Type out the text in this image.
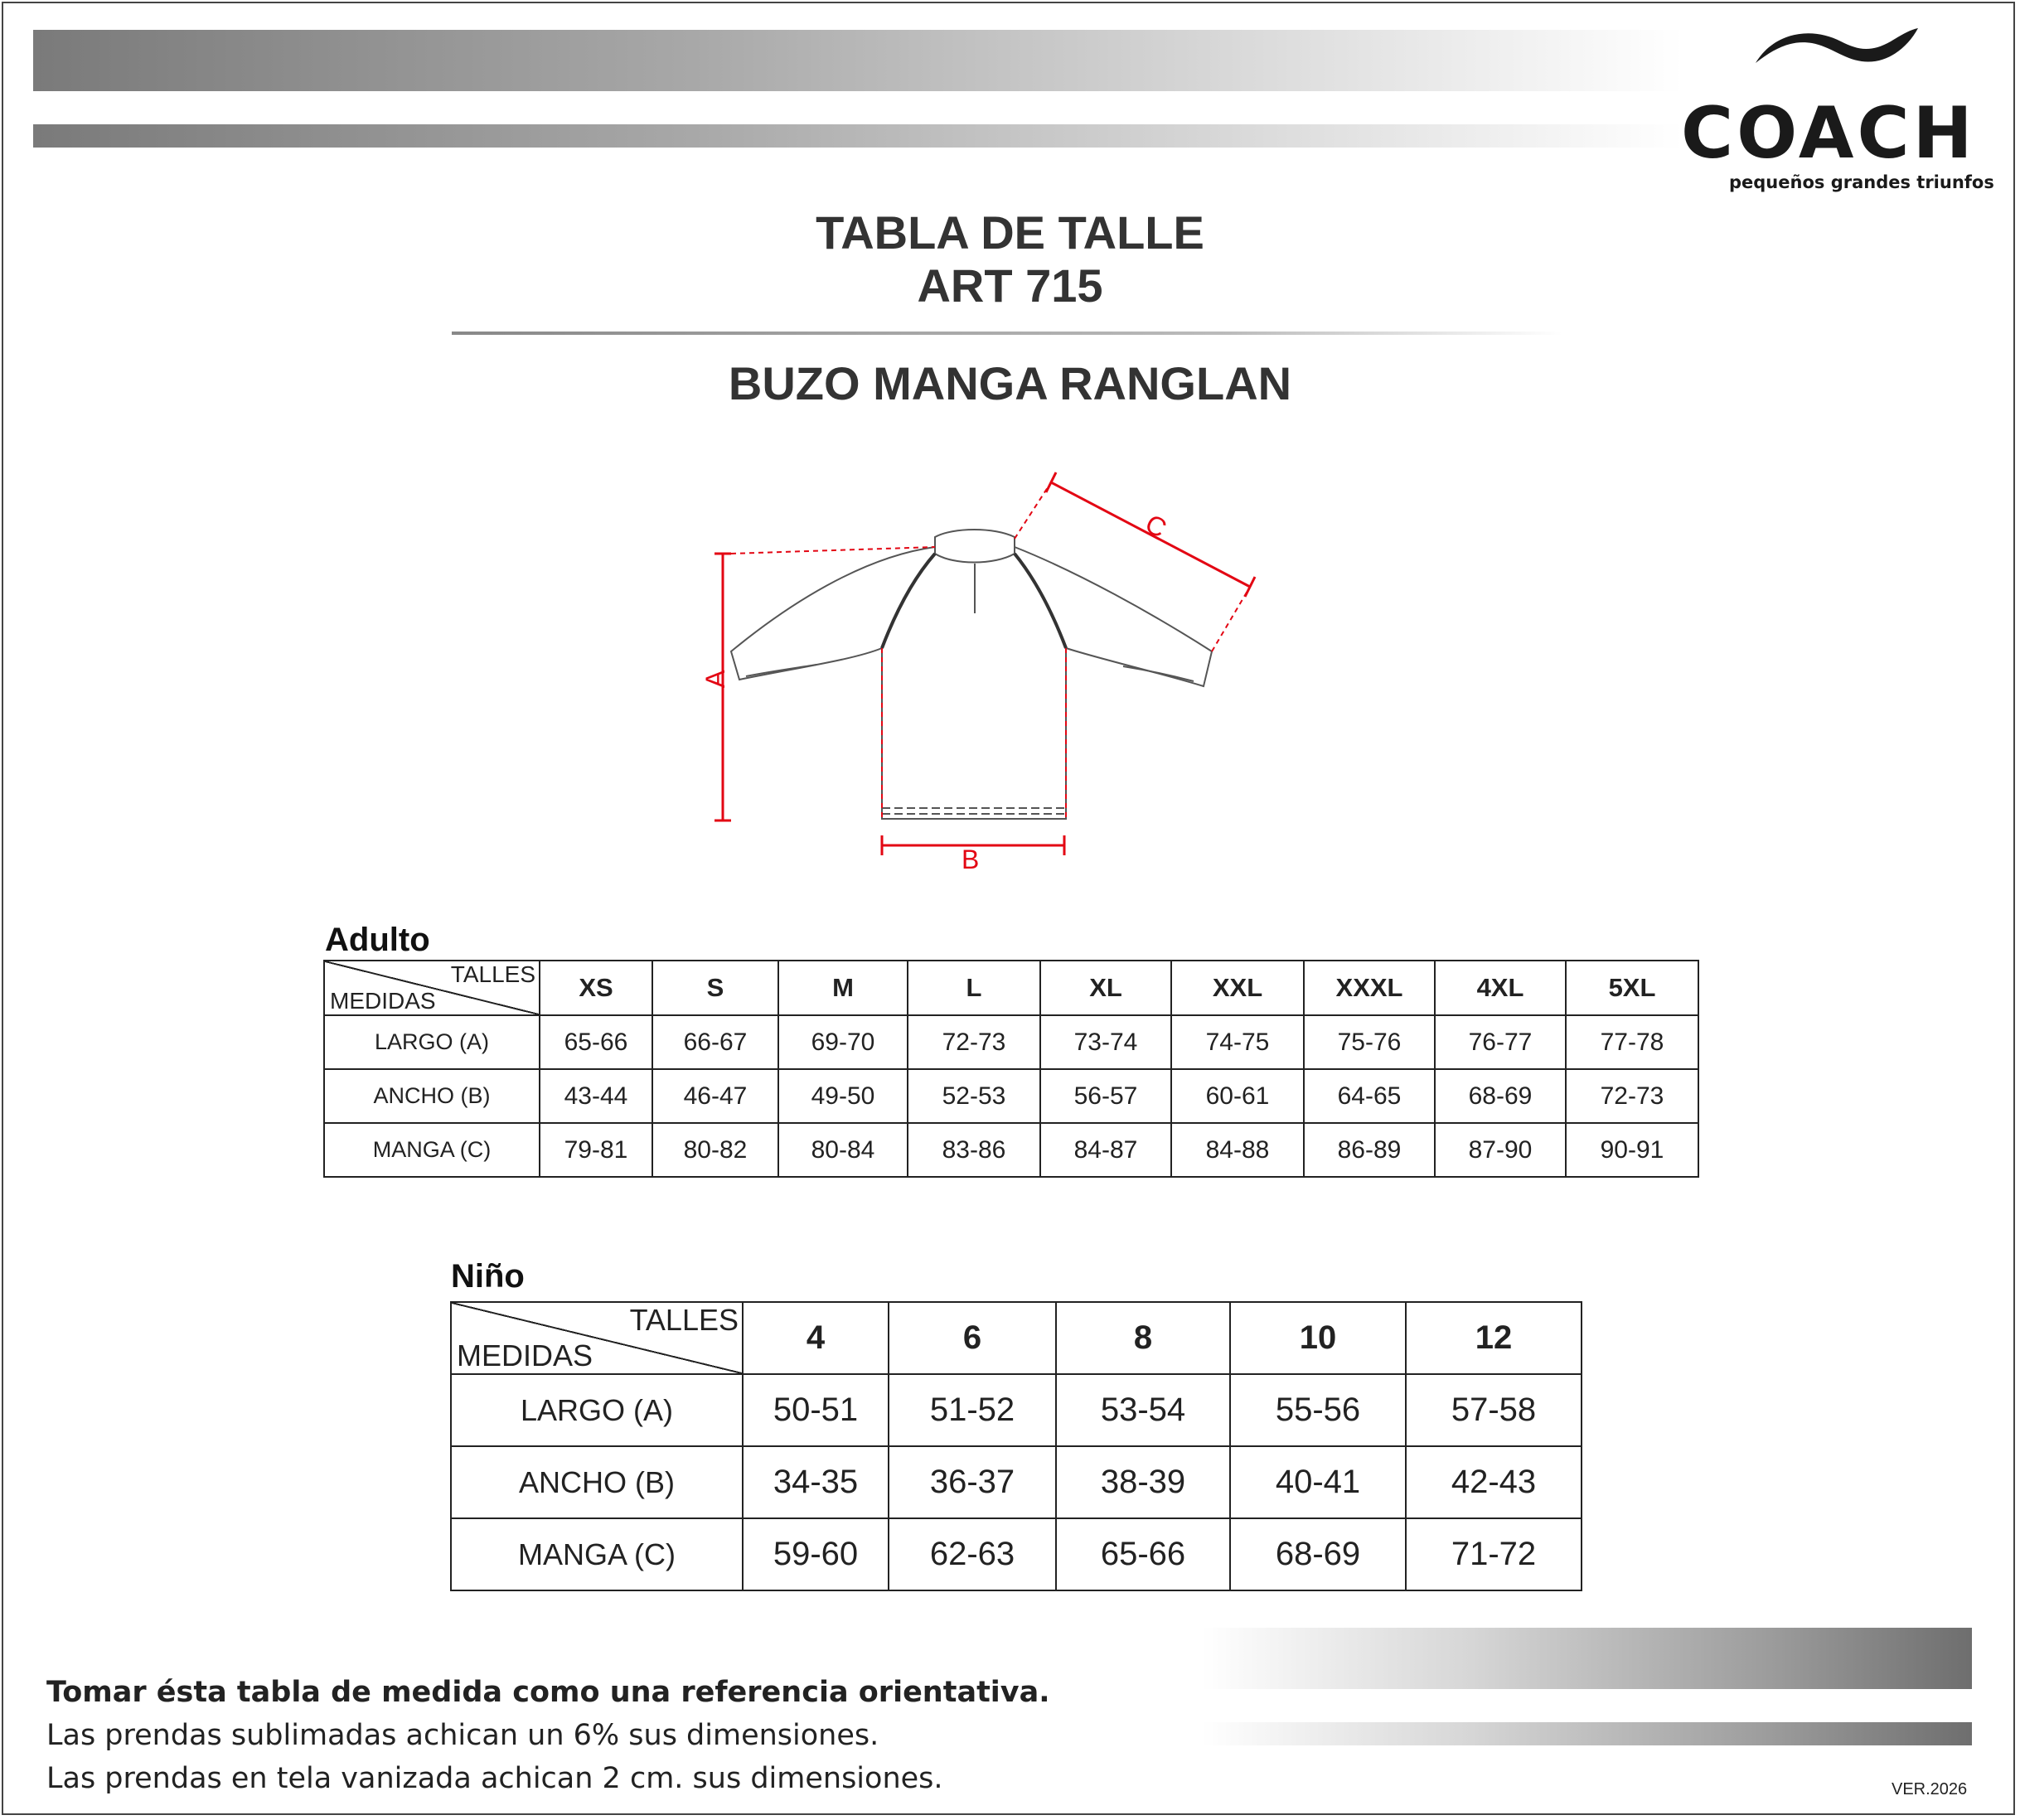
COACH
pequeños grandes triunfos
TABLA DE TALLE
ART 715
BUZO MANGA RANGLAN
A
B
C
Adulto
TALLES
MEDIDAS	XS	S	M	L	XL	XXL	XXXL	4XL	5XL
LARGO (A)	65-66	66-67	69-70	72-73	73-74	74-75	75-76	76-77	77-78
ANCHO (B)	43-44	46-47	49-50	52-53	56-57	60-61	64-65	68-69	72-73
MANGA (C)	79-81	80-82	80-84	83-86	84-87	84-88	86-89	87-90	90-91
Niño
TALLES
MEDIDAS	4	6	8	10	12
LARGO (A)	50-51	51-52	53-54	55-56	57-58
ANCHO (B)	34-35	36-37	38-39	40-41	42-43
MANGA (C)	59-60	62-63	65-66	68-69	71-72
Tomar ésta tabla de medida como una referencia orientativa.
Las prendas sublimadas achican un 6% sus dimensiones.
Las prendas en tela vanizada achican 2 cm. sus dimensiones.	VER.2026
